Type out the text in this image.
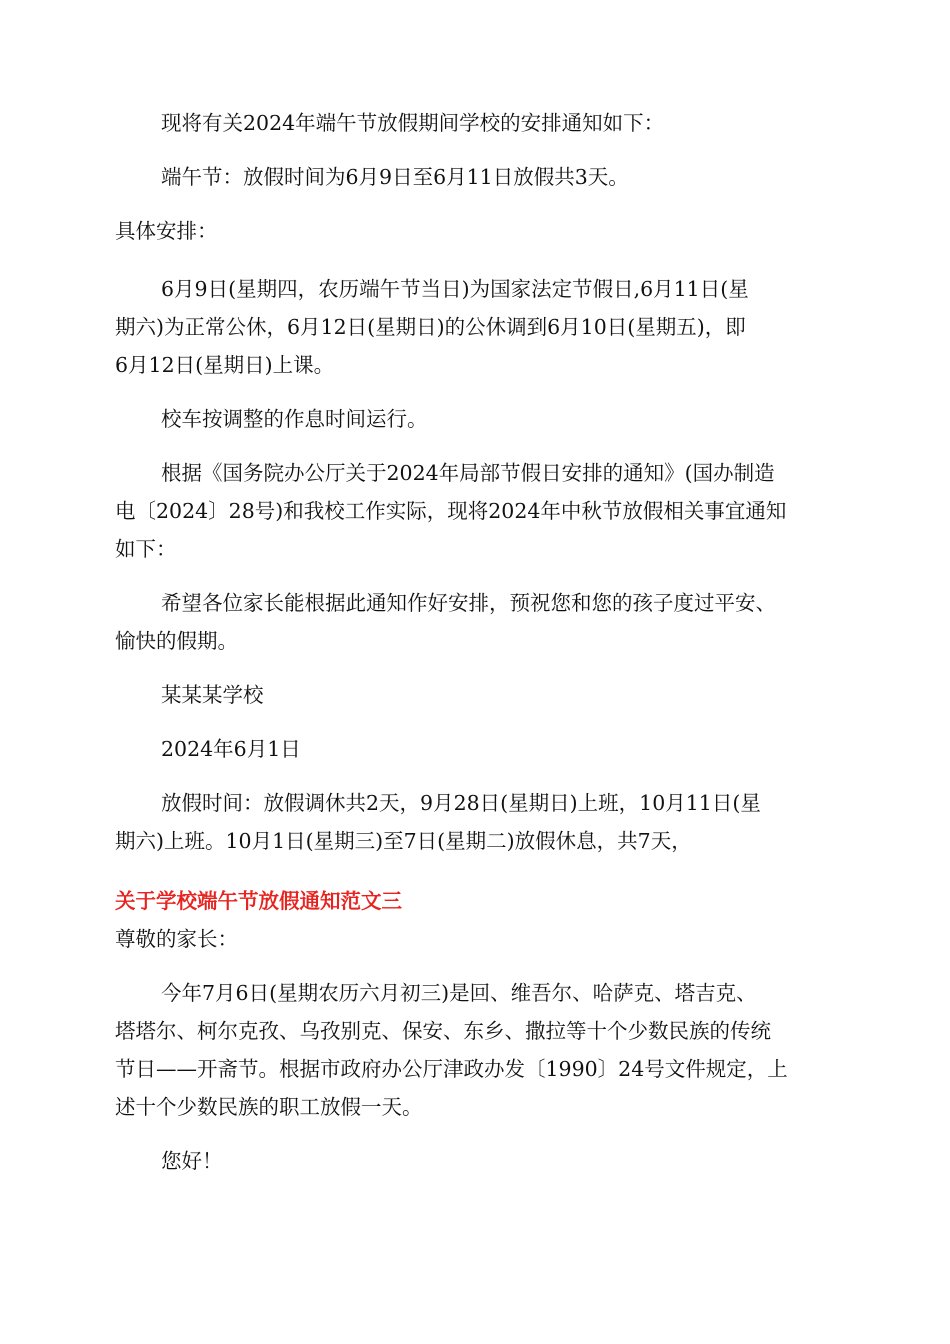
现将有关2024年端午节放假期间学校的安排通知如下：

端午节：放假时间为6月9日至6月11日放假共3天。

具体安排：

6月9日(星期四，农历端午节当日)为国家法定节假日,6月11日(星
期六)为正常公休，6月12日(星期日)的公休调到6月10日(星期五)，即
6月12日(星期日)上课。

校车按调整的作息时间运行。

根据《国务院办公厅关于2024年局部节假日安排的通知》(国办制造
电〔2024〕28号)和我校工作实际，现将2024年中秋节放假相关事宜通知
如下：

希望各位家长能根据此通知作好安排，预祝您和您的孩子度过平安、
愉快的假期。

某某某学校

2024年6月1日

放假时间：放假调休共2天，9月28日(星期日)上班，10月11日(星
期六)上班。10月1日(星期三)至7日(星期二)放假休息，共7天，

关于学校端午节放假通知范文三

尊敬的家长：

今年7月6日(星期农历六月初三)是回、维吾尔、哈萨克、塔吉克、
塔塔尔、柯尔克孜、乌孜别克、保安、东乡、撒拉等十个少数民族的传统
节日——开斋节。根据市政府办公厅津政办发〔1990〕24号文件规定，上
述十个少数民族的职工放假一天。

您好！
